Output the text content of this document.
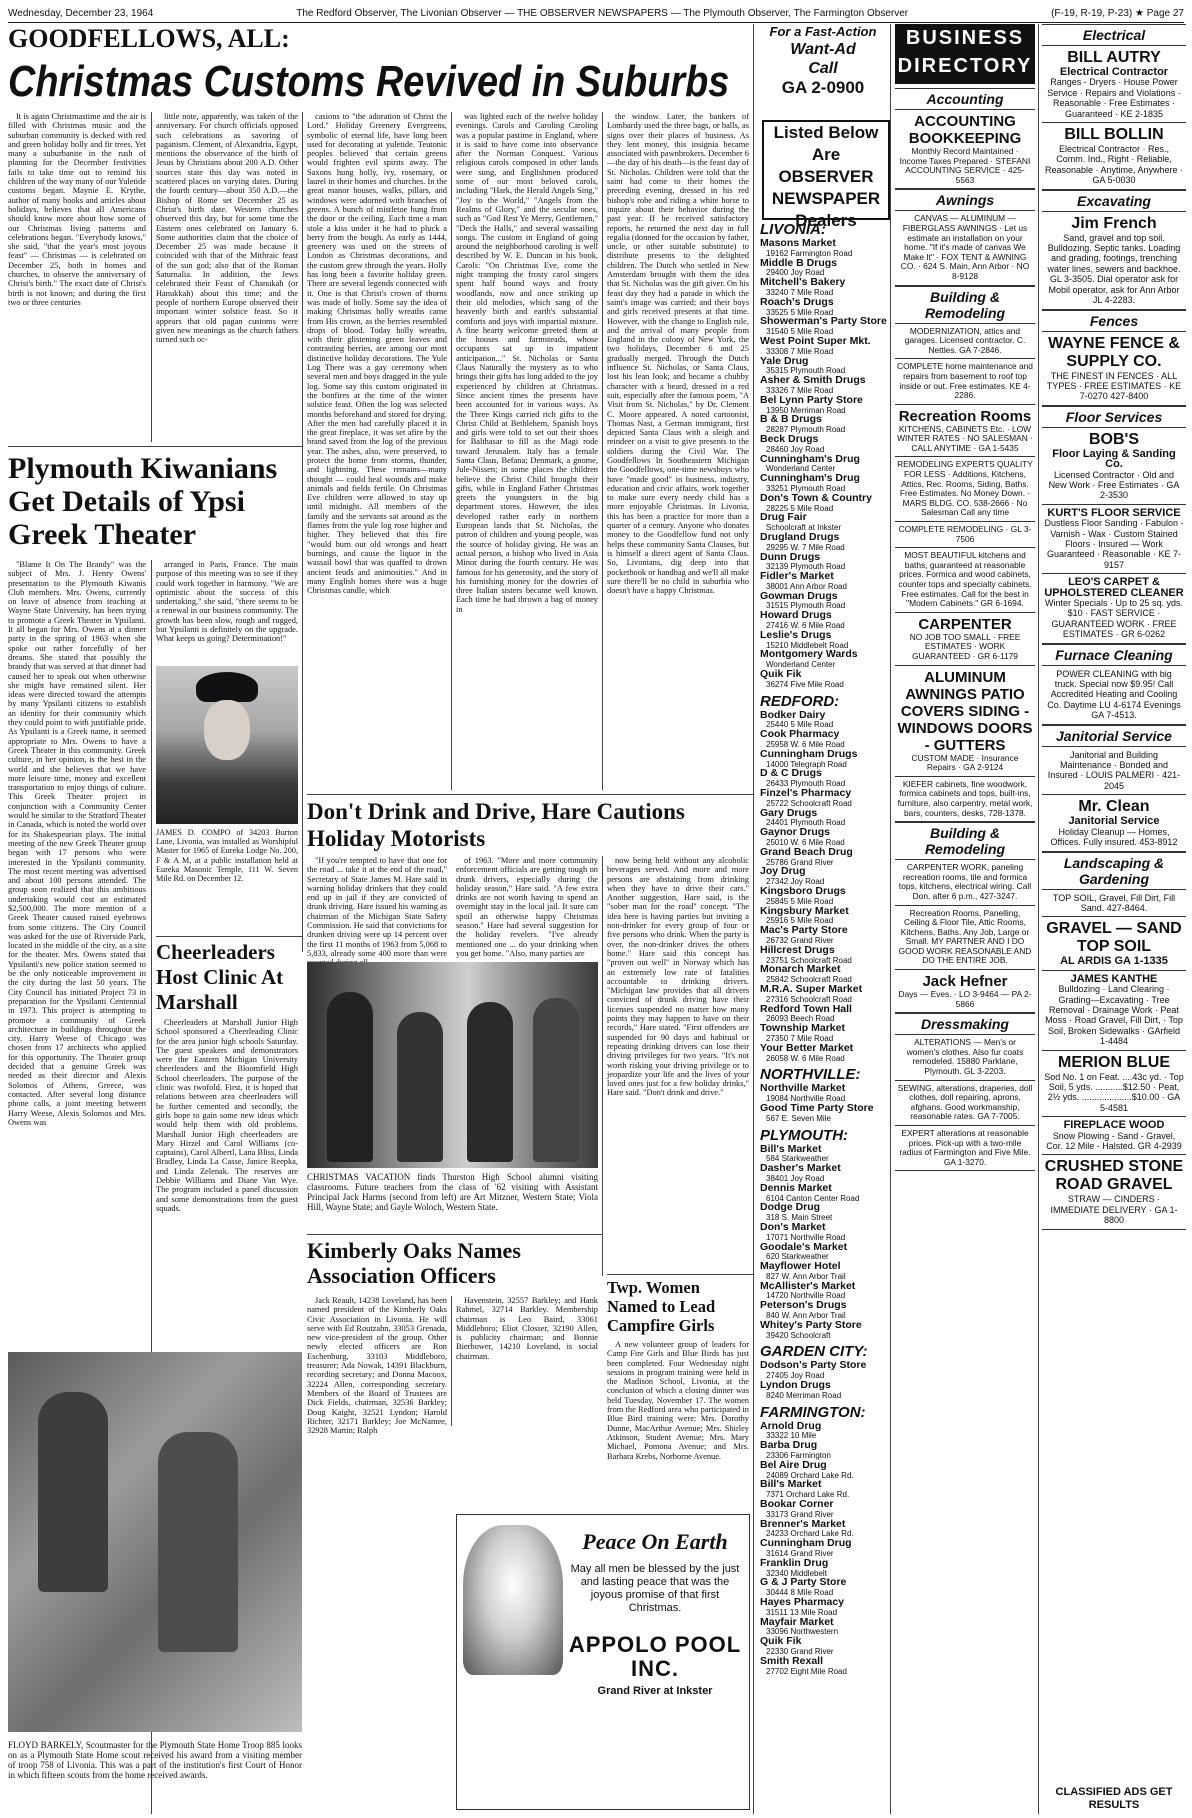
Wednesday, December 23, 1964	The Redford Observer, The Livonian Observer — THE OBSERVER NEWSPAPERS — The Plymouth Observer, The Farmington Observer	(F-19, R-19, P-23) ★ Page 27
GOODFELLOWS, ALL:
Christmas Customs Revived in Suburbs

It is again Christmastime and the air is filled with Christmas music and the suburban community is decked with red and green holiday holly and fir trees. Yet many a suburbanite in the rush of planning for the December festivities fails to take time out to remind his children of the way many of our Yuletide customs began. Maynie E. Krythe, author of many books and articles about holidays, believes that all Americans should know more about how some of our Christmas living patterns and celebrations began. "Everybody knows," she said, "that the year's most joyous feast" — Christmas — is celebrated on December 25, both in homes and churches, to observe the anniversary of Christ's birth." The exact date of Christ's birth is not known; and during the first two or three centuries

little note, apparently, was taken of the anniversary. For church officials opposed such celebrations as savoring of paganism. Clement, of Alexandria, Egypt, mentions the observance of the birth of Jesus by Christians about 200 A.D. Other sources state this day was noted in scattered places on varying dates. During the fourth century—about 350 A.D.—the Bishop of Rome set December 25 as Christ's birth date. Western churches observed this day, but for some time the Eastern ones celebrated on January 6. Some authorities claim that the choice of December 25 was made because it coincided with that of the Mithraic feast of the sun god; also that of the Roman Saturnalia. In addition, the Jews celebrated their Feast of Chanukah (or Hanukkah) about this time; and the people of northern Europe observed their important winter solstice feast. So it appears that old pagan customs were given new meanings as the church fathers turned such oc-

casions to "the adoration of Christ the Lord." Holiday Greenery Evergreens, symbolic of eternal life, have long been used for decorating at yuletide. Teutonic peoples believed that certain greens would frighten evil spirits away. The Saxons hung holly, ivy, rosemary, or laurel in their homes and churches. In the great manor houses, walks, pillars, and windows were adorned with branches of greens. A bunch of mistletoe hung from the door or the ceiling. Each time a man stole a kiss under it he had to pluck a berry from the bough. As early as 1444, greenery was used on the streets of London as Christmas decorations, and the custom grew through the years. Holly has long been a favorite holiday green. There are several legends connected with it. One is that Christ's crown of thorns was made of holly. Some say the idea of making Christmas holly wreaths came from His crown, as the berries resembled drops of blood. Today holly wreaths, with their glistening green leaves and contrasting berries, are among our most distinctive holiday decorations. The Yule Log There was a gay ceremony when several men and boys dragged in the yule log. Some say this custom originated in the bonfires at the time of the winter solstice feast. Often the log was selected months beforehand and stored for drying. After the men had carefully placed it in the great fireplace, it was set afire by the brand saved from the log of the previous year. The ashes, also, were preserved, to protect the home from storms, thunder, and lightning. These remains—many thought — could heal wounds and make animals and fields fertile. On Christmas Eve children were allowed to stay up until midnight. All members of the family and the servants sat around as the flames from the yule log rose higher and higher. They believed that this fire "would burn out old wrongs and heart burnings, and cause the liquor in the wassail bowl that was quaffed to drown ancient feuds and animosities." And in many English homes there was a huge Christmas candle, which

was lighted each of the twelve holiday evenings. Carols and Caroling Caroling was a popular pastime in England, where it is said to have come into observance after the Norman Conquest. Various religious carols composed in other lands were sung, and Englishmen produced some of our most beloved carols, including "Hark, the Herald Angels Sing," "Joy to the World," "Angels from the Realms of Glory," and the secular ones, such as "God Rest Ye Merry, Gentlemen," "Deck the Halls," and several wassailing songs. The custom in England of going around the neighborhood caroling is well described by W. E. Duncan in his book, Carols: "On Christmas Eve, come the night tramping the frosty carol singers spent half bound ways and frosty woodlands, now and once striking up their old melodies, which sang of the heavenly birth and earth's substantial comforts and joys with impartial mixture. A fine hearty welcome greeted them at the houses and farmsteads, whose occupants sat up in impatient anticipation..." St. Nicholas or Santa Claus Naturally the mystery as to who brings their gifts has long added to the joy experienced by children at Christmas. Since ancient times the presents have been accounted for in various ways. As the Three Kings carried rich gifts to the Christ Child at Bethlehem, Spanish boys and girls were told to set out their shoes for Balthasar to fill as the Magi rode toward Jerusalem. Italy has a female Santa Claus, Befana; Denmark, a gnome, Jule-Nissen; in some places the children believe the Christ Child brought their gifts, while in England Father Christmas greets the youngsters in the big department stores. However, the idea developed rather early in northern European lands that St. Nicholas, the patron of children and young people, was the source of holiday giving. He was an actual person, a bishop who lived in Asia Minor during the fourth century. He was famous for his generosity, and the story of his furnishing money for the dowries of three Italian sisters became well known. Each time he had thrown a bag of money in

the window. Later, the bankers of Lombardy used the three bags, or balls, as signs over their places of business. As they lent money, this insignia became associated with pawnbrokers. December 6—the day of his death—is the feast day of St. Nicholas. Children were told that the saint had come to their homes the preceding evening, dressed in his red bishop's robe and riding a white horse to inquire about their behavior during the past year. If he received satisfactory reports, he returned the next day in full regalia (donned for the occasion by father, uncle, or other suitable substitute) to distribute presents to the delighted children. The Dutch who settled in New Amsterdam brought with them the idea that St. Nicholas was the gift giver. On his feast day they had a parade in which the saint's image was carried; and their boys and girls received presents at that time. However, with the change to English rule, and the arrival of many people from England in the colony of New York, the two holidays, December 6 and 25 gradually merged. Through the Dutch influence St. Nicholas, or Santa Claus, lost his lean look; and became a chubby character with a beard, dressed in a red suit, especially after the famous poem, "A Visit from St. Nicholas," by Dr. Clement C. Moore appeared. A noted cartoonist, Thomas Nast, a German immigrant, first depicted Santa Claus with a sleigh and reindeer on a visit to give presents to the soldiers during the Civil War. The Goodfellows In Southeastern Michigan the Goodfellows, one-time newsboys who have "made good" in business, industry, education and civic affairs, work together to make sure every needy child has a more enjoyable Christmas. In Livonia, this has been a practice for more than a quarter of a century. Anyone who donates money to the Goodfellow fund not only helps these community Santa Clauses, but is himself a direct agent of Santa Claus. So, Livonians, dig deep into that pocketbook or handbag and we'll all make sure there'll be no child in suburbia who doesn't have a happy Christmas.

Plymouth Kiwanians Get Details of Ypsi Greek Theater

"Blame It On The Brandy" was the subject of Mrs. J. Henry Owens' presentation to the Plymouth Kiwanis Club members. Mrs. Owens, currently on leave of absence from teaching at Wayne State University, has been trying to promote a Greek Theater in Ypsilanti. It all began for Mrs. Owens at a dinner party in the spring of 1963 when she spoke out rather forcefully of her dreams. She stated that possibly the brandy that was served at that dinner had caused her to speak out when otherwise she might have remained silent. Her ideas were directed toward the attempts by many Ypsilanti citizens to establish an identity for their community which they could point to with justifiable pride. As Ypsilanti is a Greek name, it seemed appropriate to Mrs. Owens to have a Greek Theater in this community. Greek culture, in her opinion, is the best in the world and she believes that we have more leisure time, money and excellent transportation to enjoy things of culture. This Greek Theater project in conjunction with a Community Center would be similar to the Stratford Theater in Canada, which is noted the world over for its Shakespearian plays. The initial meeting of the new Greek Theater group began with 17 persons who were interested in the Ypsilanti community. The most recent meeting was advertised and about 100 persons attended. The group soon realized that this ambitious undertaking would cost an estimated $2,500,000. The more mention of a Greek Theater caused raised eyebrows from some citizens. The City Council was asked for the use of Riverside Park, located in the middle of the city, as a site for the theater. Mrs. Owens stated that Ypsilanti's new police station seemed to be the only noticeable improvement in the city during the last 50 years. The City Council has initiated Project 73 in preparation for the Ypsilanti Centennial in 1973. This project is attempting to promote a community of Greek architecture in buildings throughout the city. Harry Weese of Chicago was chosen from 17 architects who applied for this opportunity. The Theater group decided that a genuine Greek was needed as their director and Alexis Solomos of Athens, Greece, was contacted. After several long distance phone calls, a joint meeting between Harry Weese, Alexis Solomos and Mrs. Owens was

arranged in Paris, France. The main purpose of this meeting was to see if they could work together in harmony. "We are optimistic about the success of this undertaking," she said, "there seems to be a renewal in our business community. The growth has been slow, rough and rugged, but Ypsilanti is definitely on the upgrade. What keeps us going? Determination!"

JAMES D. COMPO of 34203 Burton Lane, Livonia, was installed as Worshipful Master for 1965 of Eureka Lodge No. 200, F & A M, at a public installation held at Eureka Masonic Temple, 111 W. Seven Mile Rd. on December 12.
Cheerleaders Host Clinic At Marshall

Cheerleaders at Marshall Junior High School sponsored a Cheerleading Clinic for the area junior high schools Saturday. The guest speakers and demonstrators were the Eastern Michigan University cheerleaders and the Bloomfield High School cheerleaders. The purpose of the clinic was twofold. First, it is hoped that relations between area cheerleaders will be further cemented and secondly, the girls hope to gain some new ideas which would help them with old problems. Marshall Junior High cheerleaders are Mary Hirzel and Carol Williams (co-captains), Carol Albertl, Lana Bliss, Linda Bradley, Linda La Casse, Janice Reepka, and Linda Zelenak. The reserves are Debbie Williams and Diane Van Wye. The program included a panel discussion and some demonstrations from the guest squads.

FLOYD BARKELY, Scoutmaster for the Plymouth State Home Troop 885 looks on as a Plymouth State Home scout received his award from a visiting member of troop 758 of Livonia. This was a part of the institution's first Court of Honor in which fifteen scouts from the home received awards.
Don't Drink and Drive, Hare Cautions Holiday Motorists

"If you're tempted to have that one for the road ... take it at the end of the road," Secretary of State James M. Hare said in warning holiday drinkers that they could end up in jail if they are convicted of drunk driving. Hare issued his warning as chairman of the Michigan State Safety Commission. He said that convictions for drunken driving were up 14 percent over the first 11 months of 1963 from 5,068 to 5,833, already some 400 more than were

of 1963. "More and more community enforcement officials are getting tough on drunk drivers, especially during the holiday season," Hare said. "A few extra drinks are not worth having to spend an overnight stay in the local jail. It sure can spoil an otherwise happy Christmas season." Hare had several suggestion for the holiday revelers. "I've already mentioned one ... do your drinking when you get home. "Also, many parties are

now being held without any alcoholic beverages served. And more and more persons are abstaining from drinking when they have to drive their cars." Another suggestion, Hare said, is the "sober man for the road" concept. "The idea here is having parties but inviting a non-drinker for every group of four or five persons who drink. When the party is over, the non-drinker drives the others home." Hare said this concept has "proven out well" in Norway which has an extremely low rate of fatalities accountable to drinking drivers. "Michigan law provides that all drivers convicted of drunk driving have their licenses suspended no matter how many points they may happen to have on their records," Hare stated. "First offenders are suspended for 90 days and habitual or repeating drinking drivers can lose their driving privileges for two years. "It's not worth risking your driving privilege or to jeopardize your life and the lives of your loved ones just for a few holiday drinks," Hare said. "Don't drink and drive."

CHRISTMAS VACATION finds Thurston High School alumni visiting classrooms. Future teachers from the class of '62 visiting with Assistant Principal Jack Harms (second from left) are Art Mitzner, Western State; Viola Hill, Wayne State; and Gayle Woloch, Western State.
Twp. Women Named to Lead Campfire Girls

A new volunteer group of leaders for Camp Fire Girls and Blue Birds has just been completed. Four Wednesday night sessions in program training were held in the Madison School, Livonia, at the conclusion of which a closing dinner was held Tuesday, November 17. The women from the Redford area who participated in Blue Bird training were: Mrs. Dorothy Dunne, MacArthur Avenue; Mrs. Shirley Atkinson, Student Avenue; Mrs. Mary Michael, Pomona Avenue; and Mrs. Barbara Krebs, Norborne Avenue.

Kimberly Oaks Names Association Officers

Jack Reault, 14238 Loveland, has been named president of the Kimberly Oaks Civic Association in Livonia. He will serve with Ed Routzahn, 33053 Grenada, new vice-president of the group. Other newly elected officers are Ron Eschenburg, 33103 Middleboro, treasurer; Ada Nowak, 14391 Blackburn, recording secretary; and Donna Macoox, 32224 Allen, corresponding secretary. Members of the Board of Trustees are Dick Fields, chairman, 32536 Barkley; Doug Kaight, 32521 Lyndon; Harold Richter, 32171 Barkley; Joe McNamee, 32928 Martin; Ralph

Havenstein, 32557 Barkley; and Hank Rahmel, 32714 Barkley. Membership chairman is Leo Baird, 33061 Middleboro; Eliot Closser, 32190 Allen, is publicity chairman; and Bonnie Bierbower, 14210 Loveland, is social chairman.

Peace On Earth
May all men be blessed by the just and lasting peace that was the joyous promise of that first Christmas.
APPOLO POOL INC.
Grand River at Inkster
For a Fast-Action
Want-Ad
Call
GA 2-0900
Listed Below Are OBSERVER NEWSPAPER Dealers
LIVONIA:
Masons Market
19162 Farmington Road
Middle B Drugs
29400 Joy Road
Mitchell's Bakery
33240 7 Mile Road
Roach's Drugs
33525 5 Mile Road
Showerman's Party Store
31540 5 Mile Road
West Point Super Mkt.
33308 7 Mile Road
Yale Drug
35315 Plymouth Road
Asher & Smith Drugs
33326 7 Mile Road
Bel Lynn Party Store
13950 Merriman Road
B & B Drugs
28287 Plymouth Road
Beck Drugs
28460 Joy Road
Cunningham's Drug
Wonderland Center
Cunningham's Drug
33251 Plymouth Road
Don's Town & Country
28225 5 Mile Road
Drug Fair
Schoolcraft at Inkster
Drugland Drugs
29295 W. 7 Mile Road
Dunn Drugs
32139 Plymouth Road
Fidler's Market
38001 Ann Arbor Road
Gowman Drugs
31515 Plymouth Road
Howard Drugs
27416 W. 6 Mile Road
Leslie's Drugs
15210 Middlebelt Road
Montgomery Wards
Wonderland Center
Quik Fik
36274 Five Mile Road
REDFORD:
Bodker Dairy
25440 5 Mile Road
Cook Pharmacy
25958 W. 6 Mile Road
Cunningham Drugs
14000 Telegraph Road
D & C Drugs
26433 Plymouth Road
Finzel's Pharmacy
25722 Schoolcraft Road
Gary Drugs
24401 Plymouth Road
Gaynor Drugs
25010 W. 6 Mile Road
Grand Beach Drug
25786 Grand River
Joy Drug
27342 Joy Road
Kingsboro Drugs
25845 5 Mile Road
Kingsbury Market
25916 5 Mile Road
Mac's Party Store
26732 Grand River
Hillcrest Drugs
23751 Schoolcraft Road
Monarch Market
25842 Schoolcraft Road
M.R.A. Super Market
27316 Schoolcraft Road
Redford Town Hall
26093 Beech Road
Township Market
27350 7 Mile Road
Your Better Market
26058 W. 6 Mile Road
NORTHVILLE:
Northville Market
19084 Northville Road
Good Time Party Store
567 E. Seven Mile
PLYMOUTH:
Bill's Market
584 Starkweather
Dasher's Market
38401 Joy Road
Dennis Market
6104 Canton Center Road
Dodge Drug
318 S. Main Street
Don's Market
17071 Northville Road
Goodale's Market
620 Starkweather
Mayflower Hotel
827 W. Ann Arbor Trail
McAllister's Market
14720 Northville Road
Peterson's Drugs
840 W. Ann Arbor Trail
Whitey's Party Store
39420 Schoolcraft
GARDEN CITY:
Dodson's Party Store
27405 Joy Road
Lyndon Drugs
8240 Merriman Road
FARMINGTON:
Arnold Drug
33322 10 Mile
Barba Drug
23306 Farmington
Bel Aire Drug
24089 Orchard Lake Rd.
Bill's Market
7371 Orchard Lake Rd.
Bookar Corner
33173 Grand River
Brenner's Market
24233 Orchard Lake Rd.
Cunningham Drug
31614 Grand River
Franklin Drug
32340 Middlebelt
G & J Party Store
30444 8 Mile Road
Hayes Pharmacy
31511 13 Mile Road
Mayfair Market
33096 Northwestern
Quik Fik
22330 Grand River
Smith Rexall
27702 Eight Mile Road
BUSINESS
DIRECTORY
Accounting
ACCOUNTING BOOKKEEPING
Monthly Record Maintained · Income Taxes Prepared · STEFANI ACCOUNTING SERVICE · 425-5563
Awnings
CANVAS — ALUMINUM — FIBERGLASS AWNINGS · Let us estimate an installation on your home. "If it's made of canvas We Make It" · FOX TENT & AWNING CO. · 624 S. Main, Ann Arbor · NO 8-9128
Building & Remodeling
MODERNIZATION, attics and garages. Licensed contractor. C. Nettles. GA 7-2846.
COMPLETE home maintenance and repairs from basement to roof top inside or out. Free estimates. KE 4-2286.
Recreation Rooms
KITCHENS, CABINETS Etc. · LOW WINTER RATES · NO SALESMAN · CALL ANYTIME · GA 1-5435
REMODELING EXPERTS QUALITY FOR LESS · Additions, Kitchens, Attics, Rec. Rooms, Siding, Baths. Free Estimates. No Money Down. · MARS BLDG. CO. 538-2666 · No Salesman Call any time
COMPLETE REMODELING · GL 3-7506
MOST BEAUTIFUL kitchens and baths, guaranteed at reasonable prices. Formica and wood cabinets, counter tops and specialty cabinets. Free estimates. Call for the best in "Modern Cabinets." GR 6-1694.
CARPENTER
NO JOB TOO SMALL · FREE ESTIMATES · WORK GUARANTEED · GR 6-1179
ALUMINUM AWNINGS PATIO COVERS SIDING - WINDOWS DOORS - GUTTERS
CUSTOM MADE · Insurance Repairs · GA 2-9124
KIEFER cabinets, fine woodwork, formica cabinets and tops, built-ins, furniture, also carpentry, metal work, bars, counters, desks, 728-1378.
Building & Remodeling
CARPENTER WORK, paneling recreation rooms, tile and formica tops, kitchens, electrical wiring. Call Don, after 6 p.m., 427-3247.
Recreation Rooms, Panelling, Ceiling & Floor Tile, Attic Rooms, Kitchens, Baths. Any Job, Large or Small. MY PARTNER AND I DO GOOD WORK REASONABLE AND DO THE ENTIRE JOB.
Jack Hefner
Days — Eves. · LO 3-9464 — PA 2-5866
Dressmaking
ALTERATIONS — Men's or women's clothes. Also fur coats remodeled. 15880 Parklane, Plymouth. GL 3-2203.
SEWING, alterations, draperies, doll clothes, doll repairing, aprons, afghans. Good workmanship, reasonable rates. GA 7-7005.
EXPERT alterations at reasonable prices. Pick-up with a two-mile radius of Farmington and Five Mile. GA 1-3270.
Electrical
BILL AUTRY
Electrical Contractor
Ranges - Dryers · House Power Service · Repairs and Violations · Reasonable · Free Estimates · Guaranteed · KE 2-1835
BILL BOLLIN
Electrical Contractor · Res., Comm. Ind., Right · Reliable, Reasonable · Anytime, Anywhere · GA 5-0030
Excavating
Jim French
Sand, gravel and top soil. Bulldozing. Septic tanks. Loading and grading, footings, trenching water lines, sewers and backhoe. GL 3-3505. Dial operator ask for Mobil operator, ask for Ann Arbor JL 4-2283.
Fences
WAYNE FENCE & SUPPLY CO.
THE FINEST IN FENCES · ALL TYPES · FREE ESTIMATES · KE 7-0270 427-8400
Floor Services
BOB'S
Floor Laying & Sanding Co.
Licensed Contractor · Old and New Work · Free Estimates · GA 2-3530
KURT'S FLOOR SERVICE
Dustless Floor Sanding · Fabulon - Varnish - Wax · Custom Stained Floors · Insured — Work Guaranteed · Reasonable · KE 7-9157
LEO'S CARPET & UPHOLSTERED CLEANER
Winter Specials · Up to 25 sq. yds. $10 · FAST SERVICE · GUARANTEED WORK · FREE ESTIMATES · GR 6-0262
Furnace Cleaning
POWER CLEANING with big truck. Special now $9.95! Call Accredited Heating and Cooling Co. Daytime LU 4-6174 Evenings GA 7-4513.
Janitorial Service
Janitorial and Building Maintenance · Bonded and Insured · LOUIS PALMERI · 421-2045
Mr. Clean
Janitorial Service
Holiday Cleanup — Homes, Offices. Fully insured. 453-8912
Landscaping & Gardening
TOP SOIL, Gravel, Fill Dirt, Fill Sand. 427-8464.
GRAVEL — SAND TOP SOIL
AL ARDIS GA 1-1335
JAMES KANTHE
Bulldozing · Land Clearing · Grading—Excavating · Tree Removal · Drainage Work · Peat Moss · Road Gravel, Fill Dirt, · Top Soil, Broken Sidewalks · GArfield 1-4484
MERION BLUE
Sod No. 1 on Feat. ....43c yd. · Top Soil, 5 yds. ...........$12.50 · Peat, 2½ yds. ....................$10.00 · GA 5-4581
FIREPLACE WOOD
Snow Plowing - Sand - Gravel, Cor. 12 Mile - Halsted. GR 4-2939
CRUSHED STONE ROAD GRAVEL
STRAW — CINDERS · IMMEDIATE DELIVERY · GA 1-8800
CLASSIFIED ADS GET RESULTS
